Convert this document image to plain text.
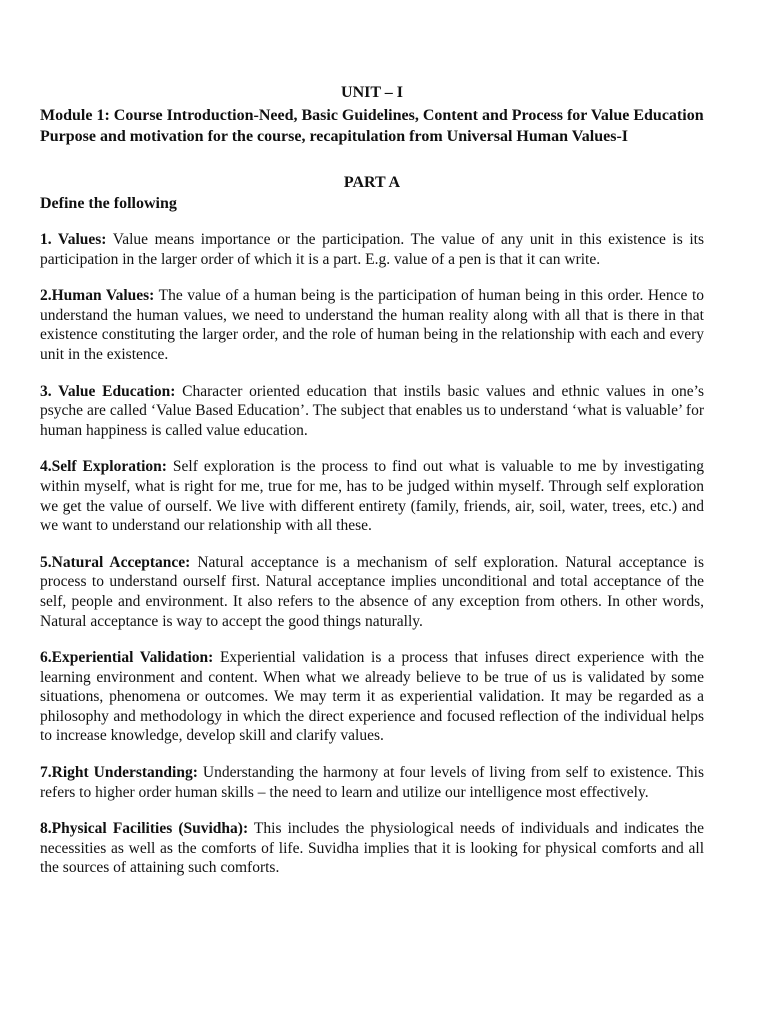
UNIT – I

Module 1: Course Introduction-Need, Basic Guidelines, Content and Process for Value Education Purpose and motivation for the course, recapitulation from Universal Human Values-I

PART A

Define the following

1. Values: Value means importance or the participation. The value of any unit in this existence is its participation in the larger order of which it is a part. E.g. value of a pen is that it can write.

2.Human Values: The value of a human being is the participation of human being in this order. Hence to understand the human values, we need to understand the human reality along with all that is there in that existence constituting the larger order, and the role of human being in the relationship with each and every unit in the existence.

3. Value Education: Character oriented education that instils basic values and ethnic values in one’s psyche are called ‘Value Based Education’. The subject that enables us to understand ‘what is valuable’ for human happiness is called value education.

4.Self Exploration: Self exploration is the process to find out what is valuable to me by investigating within myself, what is right for me, true for me, has to be judged within myself. Through self exploration we get the value of ourself. We live with different entirety (family, friends, air, soil, water, trees, etc.) and we want to understand our relationship with all these.

5.Natural Acceptance: Natural acceptance is a mechanism of self exploration. Natural acceptance is process to understand ourself first. Natural acceptance implies unconditional and total acceptance of the self, people and environment. It also refers to the absence of any exception from others. In other words, Natural acceptance is way to accept the good things naturally.

6.Experiential Validation: Experiential validation is a process that infuses direct experience with the learning environment and content. When what we already believe to be true of us is validated by some situations, phenomena or outcomes. We may term it as experiential validation. It may be regarded as a philosophy and methodology in which the direct experience and focused reflection of the individual helps to increase knowledge, develop skill and clarify values.

7.Right Understanding: Understanding the harmony at four levels of living from self to existence. This refers to higher order human skills – the need to learn and utilize our intelligence most effectively.

8.Physical Facilities (Suvidha): This includes the physiological needs of individuals and indicates the necessities as well as the comforts of life. Suvidha implies that it is looking for physical comforts and all the sources of attaining such comforts.
